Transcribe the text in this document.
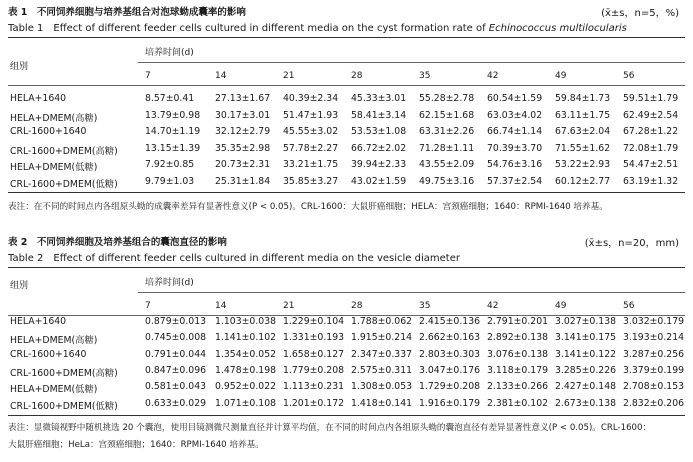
表 1　不同饲养细胞与培养基组合对泡球蚴成囊率的影响	(x̄±s，n=5，%)
Table 1　Effect of different feeder cells cultured in different media on the cyst formation rate of Echinococcus multilocularis
组别
培养时间(d)
7	14	21	28	35	42	49	56
HELA+1640	8.57±0.41 27.13±1.67 40.39±2.34 45.33±3.01 55.28±2.78 60.54±1.59 59.84±1.73 59.51±1.79
HELA+DMEM(高糖)	13.79±0.98 30.17±3.01 51.47±1.93 58.41±3.14 62.15±1.68 63.03±4.02 63.11±1.75 62.49±2.54
CRL-1600+1640	14.70±1.19 32.12±2.79 45.55±3.02 53.53±1.08 63.31±2.26 66.74±1.14 67.63±2.04 67.28±1.22
CRL-1600+DMEM(高糖)	13.15±1.39 35.35±2.98 57.78±2.27 66.72±2.02 71.28±1.11 70.39±3.70 71.55±1.62 72.08±1.79
HELA+DMEM(低糖)	7.92±0.85 20.73±2.31 33.21±1.75 39.94±2.33 43.55±2.09 54.76±3.16 53.22±2.93 54.47±2.51
CRL-1600+DMEM(低糖)	9.79±1.03 25.31±1.84 35.85±3.27 43.02±1.59 49.75±3.16 57.37±2.54 60.12±2.77 63.19±1.32
表注：在不同的时间点内各组原头蚴的成囊率差异有显著性意义(P < 0.05)。CRL-1600：大鼠肝癌细胞；HELA：宫颈癌细胞；1640：RPMI-1640 培养基。
表 2　不同饲养细胞及培养基组合的囊泡直径的影响	(x̄±s，n=20，mm)
Table 2　Effect of different feeder cells cultured in different media on the vesicle diameter
组别	培养时间(d)
7	14	21	28	35	42	49	56
HELA+1640	0.879±0.013 1.103±0.038 1.229±0.104 1.788±0.062 2.415±0.136 2.791±0.201 3.027±0.138 3.032±0.179
HELA+DMEM(高糖)	0.745±0.008 1.141±0.102 1.331±0.193 1.915±0.214 2.662±0.163 2.892±0.138 3.141±0.175 3.193±0.214
CRL-1600+1640	0.791±0.044 1.354±0.052 1.658±0.127 2.347±0.337 2.803±0.303 3.076±0.138 3.141±0.122 3.287±0.256
CRL-1600+DMEM(高糖)	0.847±0.096 1.478±0.198 1.779±0.208 2.575±0.311 3.047±0.176 3.118±0.179 3.285±0.226 3.379±0.199
HELA+DMEM(低糖)	0.581±0.043 0.952±0.022 1.113±0.231 1.308±0.053 1.729±0.208 2.133±0.266 2.427±0.148 2.708±0.153
CRL-1600+DMEM(低糖)	0.633±0.029 1.071±0.108 1.201±0.172 1.418±0.141 1.916±0.179 2.381±0.102 2.673±0.138 2.832±0.206
表注：显微镜视野中随机挑选 20 个囊泡，使用目镜测微尺测量直径并计算平均值，在不同的时间点内各组原头蚴的囊泡直径有差异显著性意义(P < 0.05)。CRL-1600：
大鼠肝癌细胞；HeLa：宫颈癌细胞；1640：RPMI-1640 培养基。
